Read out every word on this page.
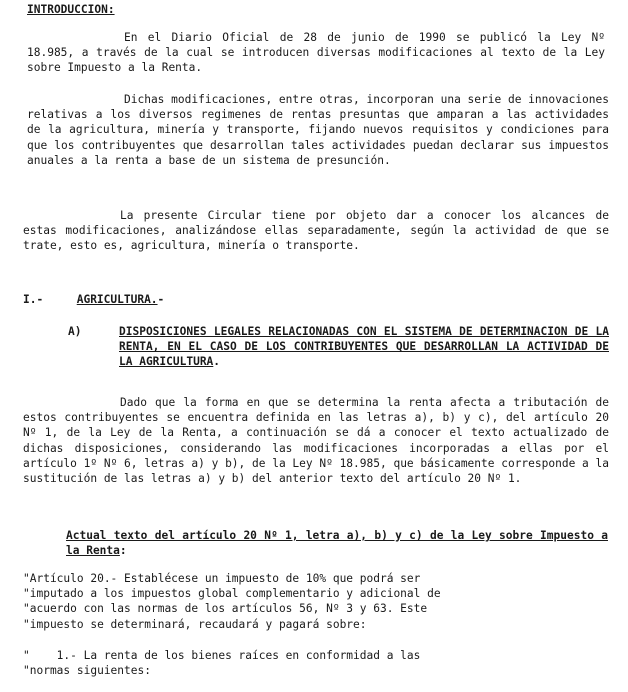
INTRODUCCION:

En el Diario Oficial de 28 de junio de 1990 se publicó la Ley Nº 18.985, a través de la cual se introducen diversas modificaciones al texto de la Ley sobre Impuesto a la Renta.

Dichas modificaciones, entre otras, incorporan una serie de innovaciones relativas a los diversos regimenes de rentas presuntas que amparan a las actividades de la agricultura, minería y transporte, fijando nuevos requisitos y condiciones para que los contribuyentes que desarrollan tales actividades puedan declarar sus impuestos anuales a la renta a base de un sistema de presunción.

La presente Circular tiene por objeto dar a conocer los alcances de estas modificaciones, analizándose ellas separadamente, según la actividad de que se trate, esto es, agricultura, minería o transporte.

I.-	AGRICULTURA.-
A)	DISPOSICIONES LEGALES RELACIONADAS CON EL SISTEMA DE DETERMINACION DE LA RENTA, EN EL CASO DE LOS CONTRIBUYENTES QUE DESARROLLAN LA ACTIVIDAD DE LA AGRICULTURA.

Dado que la forma en que se determina la renta afecta a tributación de estos contribuyentes se encuentra definida en las letras a), b) y c), del artículo 20 Nº 1, de la Ley de la Renta, a continuación se dá a conocer el texto actualizado de dichas disposiciones, considerando las modificaciones incorporadas a ellas por el artículo 1º Nº 6, letras a) y b), de la Ley Nº 18.985, que básicamente corresponde a la sustitución de las letras a) y b) del anterior texto del artículo 20 Nº 1.

Actual texto del artículo 20 Nº 1, letra a), b) y c) de la Ley sobre Impuesto a la Renta:

"Artículo 20.- Establécese un impuesto de 10% que podrá ser
"imputado a los impuestos global complementario y adicional de
"acuerdo con las normas de los artículos 56, Nº 3 y 63. Este
"impuesto se determinará, recaudará y pagará sobre:
"    1.- La renta de los bienes raíces en conformidad a las
"normas siguientes:
